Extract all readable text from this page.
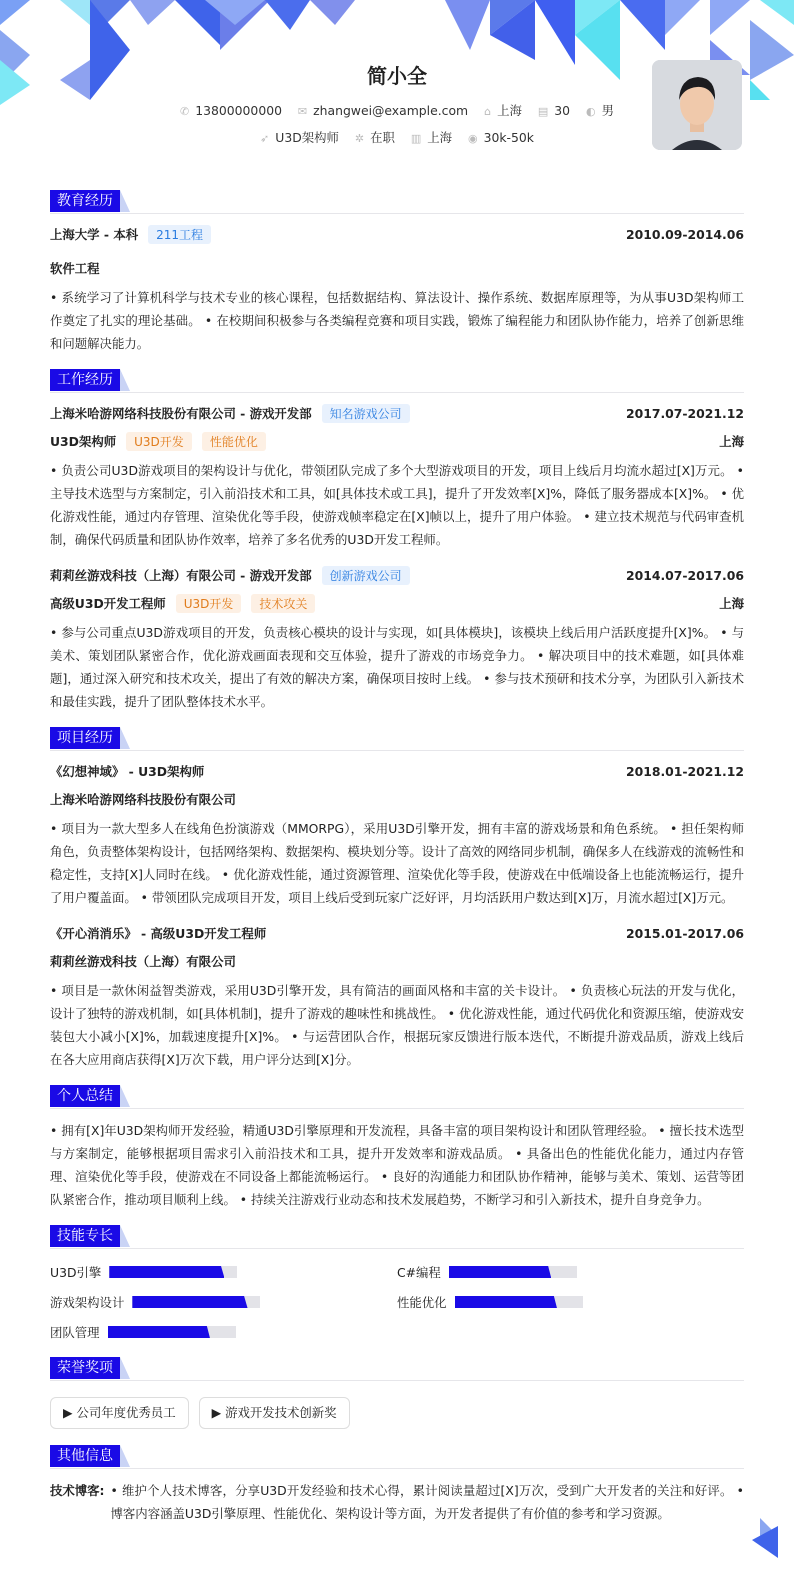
简小全
✆ 13800000000 ✉ zhangwei@example.com ⌂ 上海 ▤ 30 ◐ 男
➶ U3D架构师 ✲ 在职 ▥ 上海 ◉ 30k-50k
教育经历
上海大学 - 本科	211工程	2010.09-2014.06
软件工程
• 系统学习了计算机科学与技术专业的核心课程，包括数据结构、算法设计、操作系统、数据库原理等，为从事U3D架构师工作奠定了扎实的理论基础。 • 在校期间积极参与各类编程竞赛和项目实践，锻炼了编程能力和团队协作能力，培养了创新思维和问题解决能力。
工作经历
上海米哈游网络科技股份有限公司 - 游戏开发部	知名游戏公司	2017.07-2021.12
U3D架构师	U3D开发	性能优化	上海
• 负责公司U3D游戏项目的架构设计与优化，带领团队完成了多个大型游戏项目的开发，项目上线后月均流水超过[X]万元。 • 主导技术选型与方案制定，引入前沿技术和工具，如[具体技术或工具]，提升了开发效率[X]%，降低了服务器成本[X]%。 • 优化游戏性能，通过内存管理、渲染优化等手段，使游戏帧率稳定在[X]帧以上，提升了用户体验。 • 建立技术规范与代码审查机制，确保代码质量和团队协作效率，培养了多名优秀的U3D开发工程师。
莉莉丝游戏科技（上海）有限公司 - 游戏开发部	创新游戏公司	2014.07-2017.06
高级U3D开发工程师	U3D开发	技术攻关	上海
• 参与公司重点U3D游戏项目的开发，负责核心模块的设计与实现，如[具体模块]，该模块上线后用户活跃度提升[X]%。 • 与美术、策划团队紧密合作，优化游戏画面表现和交互体验，提升了游戏的市场竞争力。 • 解决项目中的技术难题，如[具体难题]，通过深入研究和技术攻关，提出了有效的解决方案，确保项目按时上线。 • 参与技术预研和技术分享，为团队引入新技术和最佳实践，提升了团队整体技术水平。
项目经历
《幻想神域》 - U3D架构师	2018.01-2021.12
上海米哈游网络科技股份有限公司
• 项目为一款大型多人在线角色扮演游戏（MMORPG），采用U3D引擎开发，拥有丰富的游戏场景和角色系统。 • 担任架构师角色，负责整体架构设计，包括网络架构、数据架构、模块划分等。设计了高效的网络同步机制，确保多人在线游戏的流畅性和稳定性，支持[X]人同时在线。 • 优化游戏性能，通过资源管理、渲染优化等手段，使游戏在中低端设备上也能流畅运行，提升了用户覆盖面。 • 带领团队完成项目开发，项目上线后受到玩家广泛好评，月均活跃用户数达到[X]万，月流水超过[X]万元。
《开心消消乐》 - 高级U3D开发工程师	2015.01-2017.06
莉莉丝游戏科技（上海）有限公司
• 项目是一款休闲益智类游戏，采用U3D引擎开发，具有简洁的画面风格和丰富的关卡设计。 • 负责核心玩法的开发与优化，设计了独特的游戏机制，如[具体机制]，提升了游戏的趣味性和挑战性。 • 优化游戏性能，通过代码优化和资源压缩，使游戏安装包大小减小[X]%，加载速度提升[X]%。 • 与运营团队合作，根据玩家反馈进行版本迭代，不断提升游戏品质，游戏上线后在各大应用商店获得[X]万次下载，用户评分达到[X]分。
个人总结
• 拥有[X]年U3D架构师开发经验，精通U3D引擎原理和开发流程，具备丰富的项目架构设计和团队管理经验。 • 擅长技术选型与方案制定，能够根据项目需求引入前沿技术和工具，提升开发效率和游戏品质。 • 具备出色的性能优化能力，通过内存管理、渲染优化等手段，使游戏在不同设备上都能流畅运行。 • 良好的沟通能力和团队协作精神，能够与美术、策划、运营等团队紧密合作，推动项目顺利上线。 • 持续关注游戏行业动态和技术发展趋势，不断学习和引入新技术，提升自身竞争力。
技能专长
U3D引擎	C#编程
游戏架构设计	性能优化
团队管理
荣誉奖项
▶ 公司年度优秀员工	▶ 游戏开发技术创新奖
其他信息
技术博客: • 维护个人技术博客，分享U3D开发经验和技术心得，累计阅读量超过[X]万次，受到广大开发者的关注和好评。 • 博客内容涵盖U3D引擎原理、性能优化、架构设计等方面，为开发者提供了有价值的参考和学习资源。
